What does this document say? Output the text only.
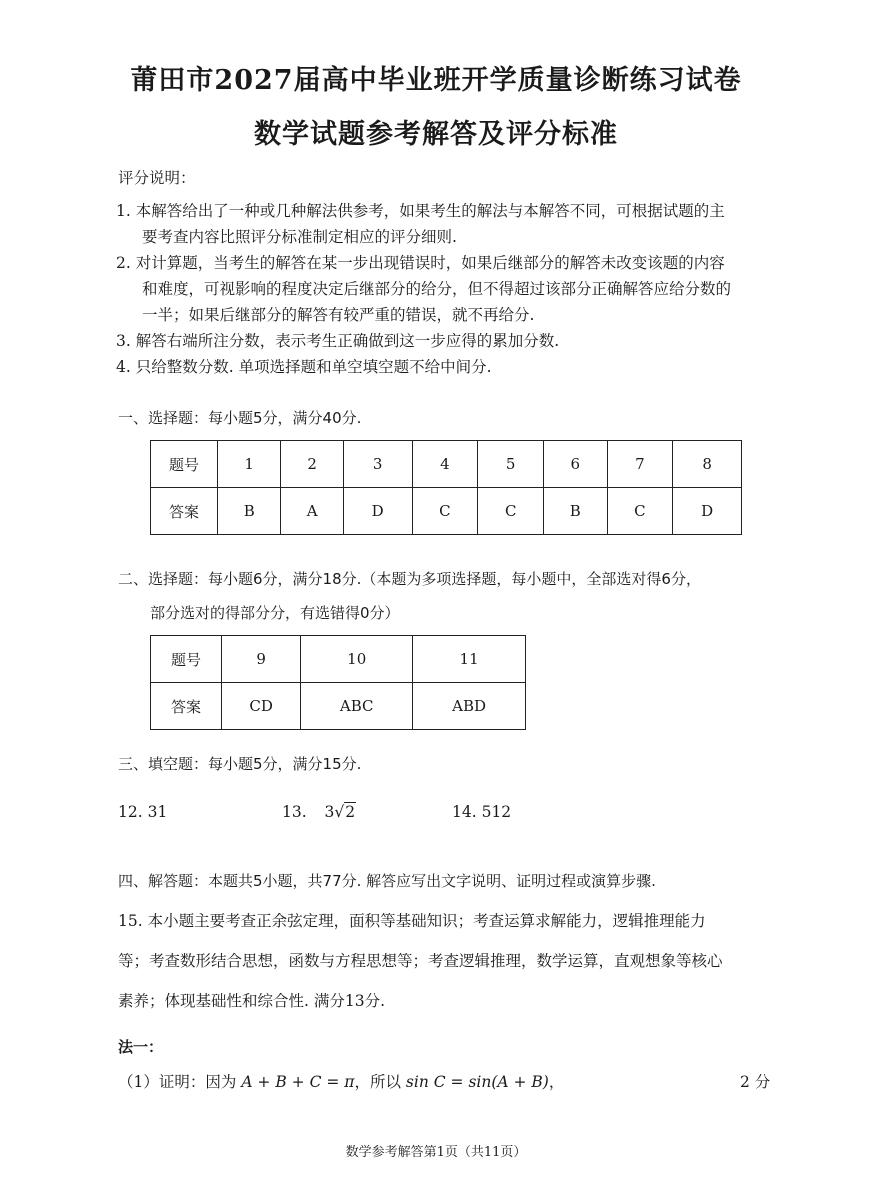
莆田市2027届高中毕业班开学质量诊断练习试卷
数学试题参考解答及评分标准
评分说明：
1. 本解答给出了一种或几种解法供参考，如果考生的解法与本解答不同，可根据试题的主
要考查内容比照评分标准制定相应的评分细则.
2. 对计算题，当考生的解答在某一步出现错误时，如果后继部分的解答未改变该题的内容
和难度，可视影响的程度决定后继部分的给分，但不得超过该部分正确解答应给分数的
一半；如果后继部分的解答有较严重的错误，就不再给分.
3. 解答右端所注分数，表示考生正确做到这一步应得的累加分数.
4. 只给整数分数. 单项选择题和单空填空题不给中间分.
一、选择题：每小题5分，满分40分.
题号	1	2	3	4	5	6	7	8
答案	B	A	D	C	C	B	C	D
二、选择题：每小题6分，满分18分.（本题为多项选择题，每小题中，全部选对得6分，
部分选对的得部分分，有选错得0分）
题号	9	10	11
答案	CD	ABC	ABD
三、填空题：每小题5分，满分15分.
12. 31	13. 3√2	14. 512
四、解答题：本题共5小题，共77分. 解答应写出文字说明、证明过程或演算步骤.
15. 本小题主要考查正余弦定理，面积等基础知识；考查运算求解能力，逻辑推理能力
等；考查数形结合思想，函数与方程思想等；考查逻辑推理，数学运算，直观想象等核心
素养；体现基础性和综合性. 满分13分.
法一：
（1）证明：因为 A + B + C = π，所以 sin C = sin(A + B)，	2 分
数学参考解答第1页（共11页）
